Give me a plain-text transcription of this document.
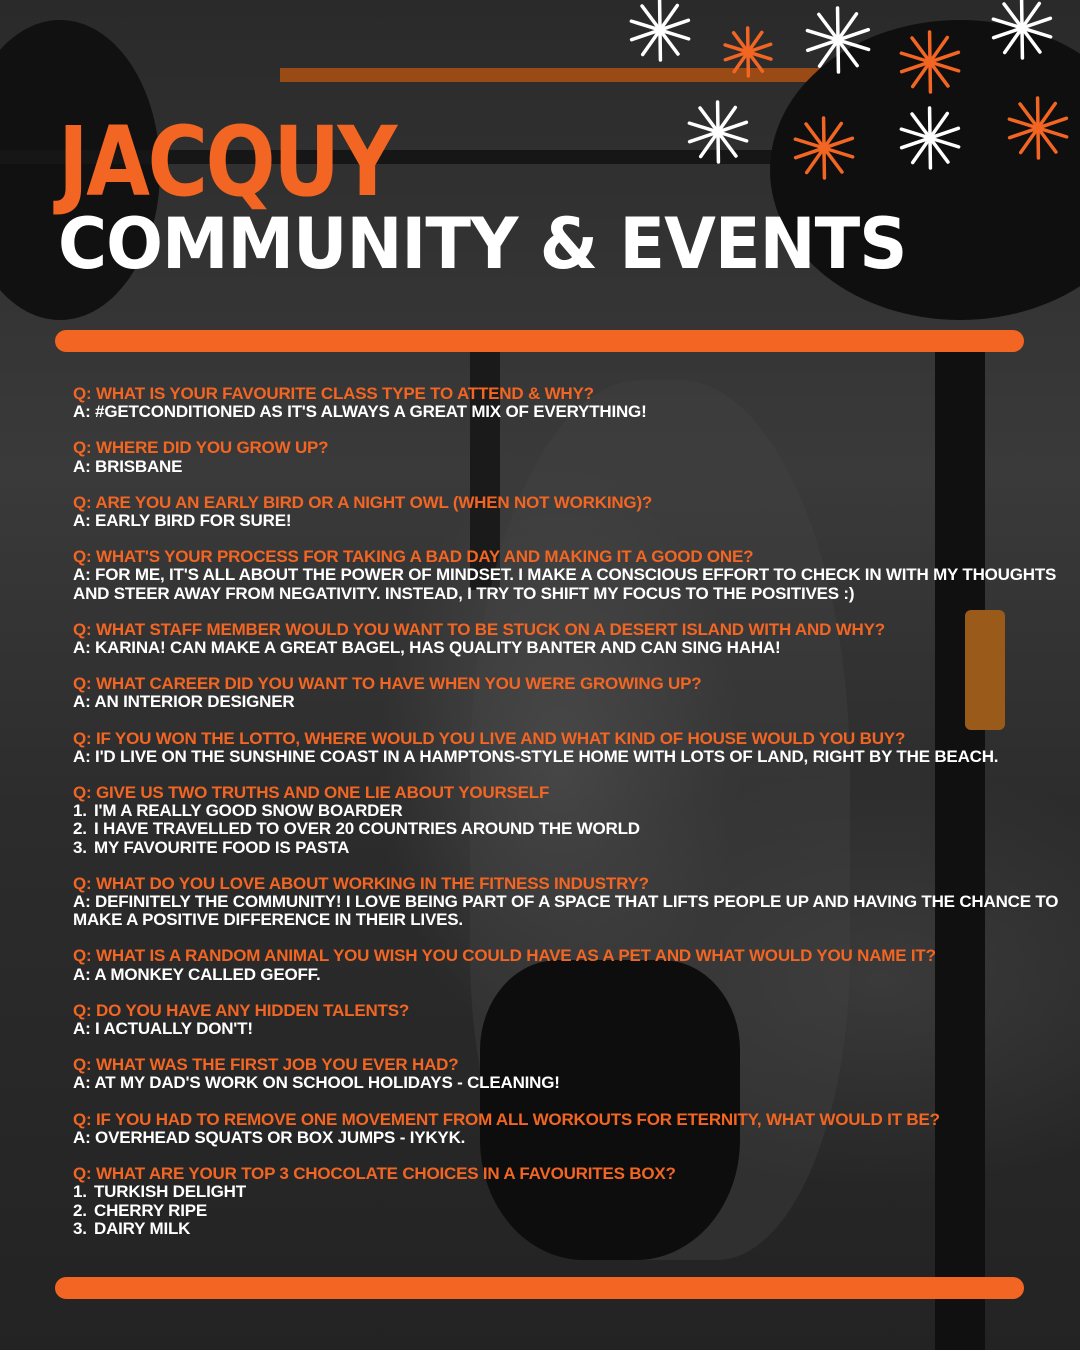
JACQUY
COMMUNITY & EVENTS
Q: WHAT IS YOUR FAVOURITE CLASS TYPE TO ATTEND & WHY?
A: #GETCONDITIONED AS IT'S ALWAYS A GREAT MIX OF EVERYTHING!
Q: WHERE DID YOU GROW UP?
A: BRISBANE
Q: ARE YOU AN EARLY BIRD OR A NIGHT OWL (WHEN NOT WORKING)?
A: EARLY BIRD FOR SURE!
Q: WHAT'S YOUR PROCESS FOR TAKING A BAD DAY AND MAKING IT A GOOD ONE?
A: FOR ME, IT'S ALL ABOUT THE POWER OF MINDSET. I MAKE A CONSCIOUS EFFORT TO CHECK IN WITH MY THOUGHTS AND STEER AWAY FROM NEGATIVITY. INSTEAD, I TRY TO SHIFT MY FOCUS TO THE POSITIVES :)
Q: WHAT STAFF MEMBER WOULD YOU WANT TO BE STUCK ON A DESERT ISLAND WITH AND WHY?
A: KARINA! CAN MAKE A GREAT BAGEL, HAS QUALITY BANTER AND CAN SING HAHA!
Q: WHAT CAREER DID YOU WANT TO HAVE WHEN YOU WERE GROWING UP?
A: AN INTERIOR DESIGNER
Q: IF YOU WON THE LOTTO, WHERE WOULD YOU LIVE AND WHAT KIND OF HOUSE WOULD YOU BUY?
A: I'D LIVE ON THE SUNSHINE COAST IN A HAMPTONS-STYLE HOME WITH LOTS OF LAND, RIGHT BY THE BEACH.
Q: GIVE US TWO TRUTHS AND ONE LIE ABOUT YOURSELF
1. I'M A REALLY GOOD SNOW BOARDER
2. I HAVE TRAVELLED TO OVER 20 COUNTRIES AROUND THE WORLD
3. MY FAVOURITE FOOD IS PASTA
Q: WHAT DO YOU LOVE ABOUT WORKING IN THE FITNESS INDUSTRY?
A: DEFINITELY THE COMMUNITY! I LOVE BEING PART OF A SPACE THAT LIFTS PEOPLE UP AND HAVING THE CHANCE TO MAKE A POSITIVE DIFFERENCE IN THEIR LIVES.
Q: WHAT IS A RANDOM ANIMAL YOU WISH YOU COULD HAVE AS A PET AND WHAT WOULD YOU NAME IT?
A: A MONKEY CALLED GEOFF.
Q: DO YOU HAVE ANY HIDDEN TALENTS?
A: I ACTUALLY DON'T!
Q: WHAT WAS THE FIRST JOB YOU EVER HAD?
A: AT MY DAD'S WORK ON SCHOOL HOLIDAYS - CLEANING!
Q: IF YOU HAD TO REMOVE ONE MOVEMENT FROM ALL WORKOUTS FOR ETERNITY, WHAT WOULD IT BE?
A: OVERHEAD SQUATS OR BOX JUMPS - IYKYK.
Q: WHAT ARE YOUR TOP 3 CHOCOLATE CHOICES IN A FAVOURITES BOX?
1. TURKISH DELIGHT
2. CHERRY RIPE
3. DAIRY MILK
